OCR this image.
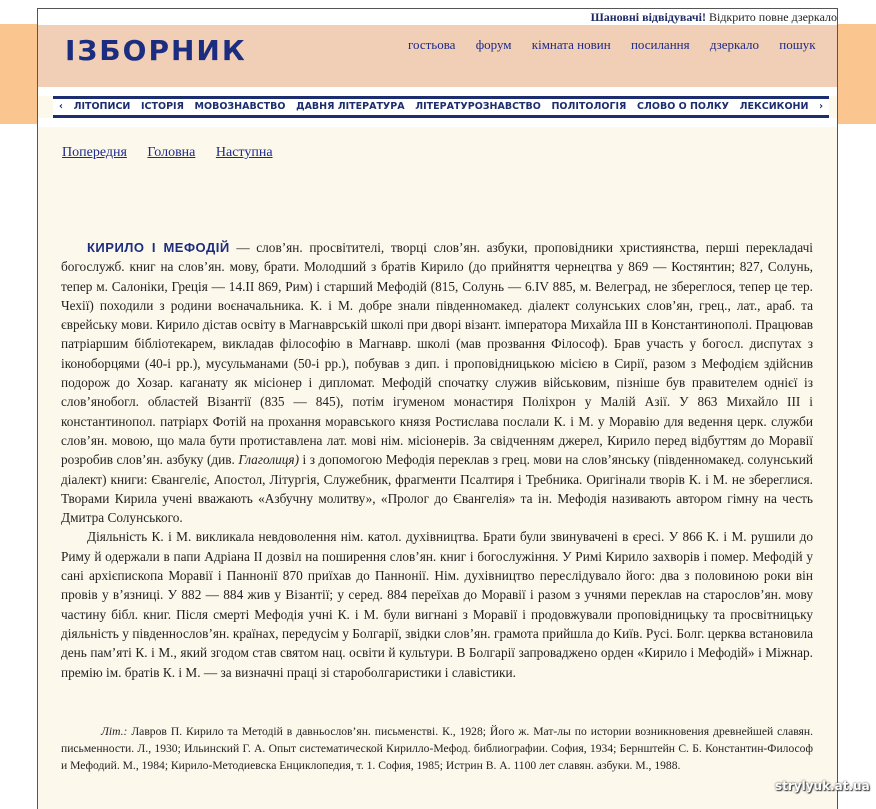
Шановні відвідувачі! Відкрито повне дзеркало
ІЗБОРНИК	гостьова форум кімната новин посилання дзеркало пошук
‹ ЛІТОПИСИ ІСТОРІЯ МОВОЗНАВСТВО ДАВНЯ ЛІТЕРАТУРА ЛІТЕРАТУРОЗНАВСТВО ПОЛІТОЛОГІЯ СЛОВО О ПОЛКУ ЛЕКСИКОНИ ›
Попередня Головна Наступна

КИРИЛО І МЕФОДІЙ — слов’ян. просвітителі, творці слов’ян. азбуки, проповідники християнства, перші перекладачі богослужб. книг на слов’ян. мову, брати. Молодший з братів Кирило (до прийняття чернецтва у 869 — Костянтин; 827, Солунь, тепер м. Салоніки, Греція — 14.II 869, Рим) і старший Мефодій (815, Солунь — 6.IV 885, м. Велеград, не збереглося, тепер це тер. Чехії) походили з родини воєначальника. К. і М. добре знали південномакед. діалект солунських слов’ян, грец., лат., араб. та єврейську мови. Кирило дістав освіту в Магнаврській школі при дворі візант. імператора Михайла III в Константинополі. Працював патріаршим бібліотекарем, викладав філософію в Магнавр. школі (мав прозвання Філософ). Брав участь у богосл. диспутах з іконоборцями (40-і рр.), мусульманами (50-і рр.), побував з дип. і проповідницькою місією в Сирії, разом з Мефодієм здійснив подорож до Хозар. каганату як місіонер і дипломат. Мефодій спочатку служив військовим, пізніше був правителем однієї із слов’янобогл. областей Візантії (835 — 845), потім ігуменом монастиря Поліхрон у Малій Азії. У 863 Михайло III і константинопол. патріарх Фотій на прохання моравського князя Ростислава послали К. і М. у Моравію для ведення церк. служби слов’ян. мовою, що мала бути протиставлена лат. мові нім. місіонерів. За свідченням джерел, Кирило перед відбуттям до Моравії розробив слов’ян. азбуку (див. Глаголиця) і з допомогою Мефодія переклав з грец. мови на слов’янську (південномакед. солунський діалект) книги: Євангеліє, Апостол, Літургія, Служебник, фрагменти Псалтиря і Требника. Оригінали творів К. і М. не збереглися. Творами Кирила учені вважають «Азбучну молитву», «Пролог до Євангелія» та ін. Мефодія називають автором гімну на честь Дмитра Солунського.

Діяльність К. і М. викликала невдоволення нім. катол. духівництва. Брати були звинувачені в єресі. У 866 К. і М. рушили до Риму й одержали в папи Адріана II дозвіл на поширення слов’ян. книг і богослужіння. У Римі Кирило захворів і помер. Мефодій у сані архієпископа Моравії і Паннонії 870 приїхав до Паннонії. Нім. духівництво переслідувало його: два з половиною роки він провів у в’язниці. У 882 — 884 жив у Візантії; у серед. 884 переїхав до Моравії і разом з учнями переклав на старослов’ян. мову частину бібл. книг. Після смерті Мефодія учні К. і М. були вигнані з Моравії і продовжували проповідницьку та просвітницьку діяльність у південнослов’ян. країнах, передусім у Болгарії, звідки слов’ян. грамота прийшла до Київ. Русі. Болг. церква встановила день пам’яті К. і М., який згодом став святом нац. освіти й культури. В Болгарії запроваджено орден «Кирило і Мефодій» і Міжнар. премію ім. братів К. і М. — за визначні праці зі староболгаристики і славістики.

Літ.: Лавров П. Кирило та Методій в давньослов’ян. письменстві. К., 1928; Його ж. Мат-лы по истории возникновения древнейшей славян. письменности. Л., 1930; Ильинский Г. А. Опыт систематической Кирилло-Мефод. библиографии. София, 1934; Бернштейн С. Б. Константин-Философ и Мефодий. М., 1984; Кирило-Методиевска Енциклопедия, т. 1. София, 1985; Истрин В. А. 1100 лет славян. азбуки. М., 1988.
strylyuk.at.ua
